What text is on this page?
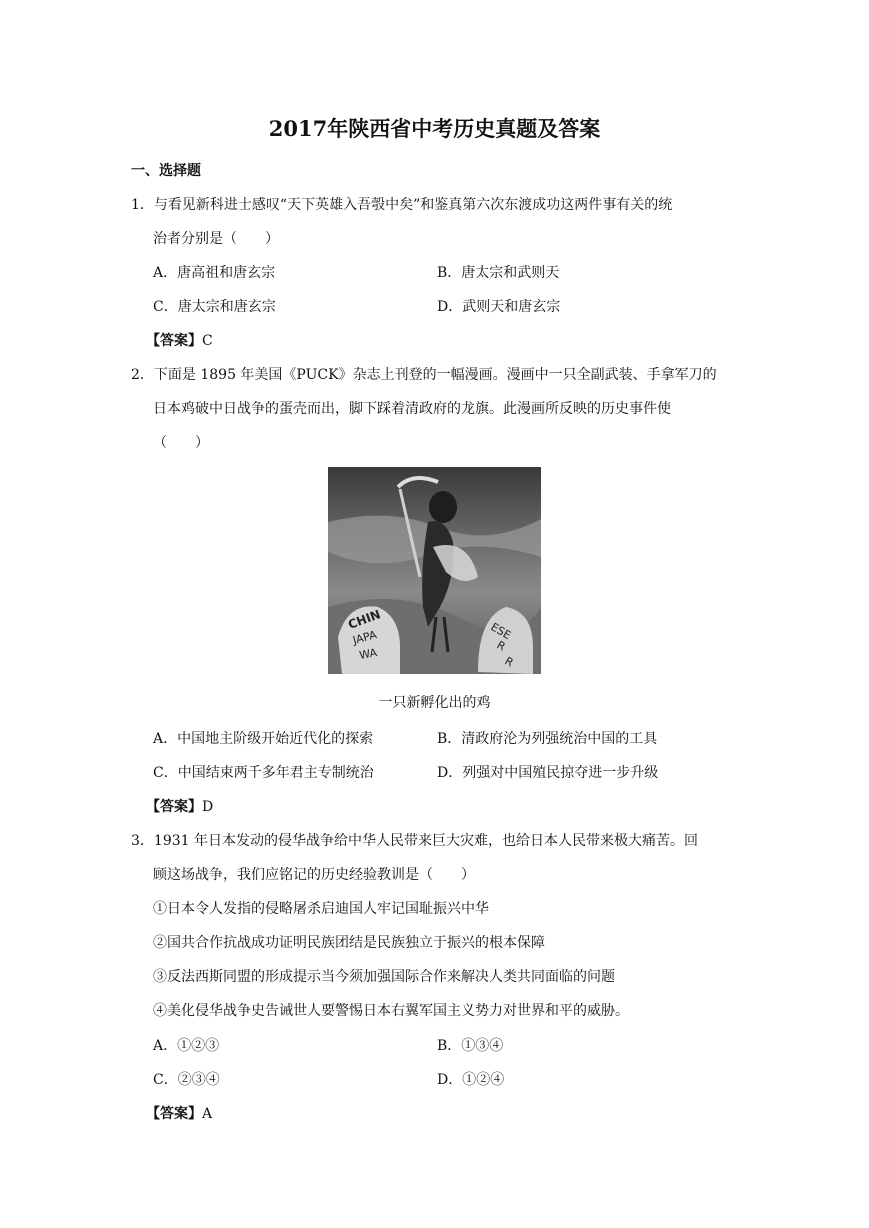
2017年陕西省中考历史真题及答案
一、选择题
1．与看见新科进士感叹“天下英雄入吾彀中矣”和鉴真第六次东渡成功这两件事有关的统
治者分别是（　　）
A．唐高祖和唐玄宗	B．唐太宗和武则天
C．唐太宗和唐玄宗	D．武则天和唐玄宗
【答案】C
2．下面是 1895 年美国《PUCK》杂志上刊登的一幅漫画。漫画中一只全副武装、手拿军刀的
日本鸡破中日战争的蛋壳而出，脚下踩着清政府的龙旗。此漫画所反映的历史事件使
（　　）
CHIN
JAPA
WA
ESE
R
R
一只新孵化出的鸡
A．中国地主阶级开始近代化的探索	B．清政府沦为列强统治中国的工具
C．中国结束两千多年君主专制统治	D．列强对中国殖民掠夺进一步升级
【答案】D
3．1931 年日本发动的侵华战争给中华人民带来巨大灾难，也给日本人民带来极大痛苦。回
顾这场战争，我们应铭记的历史经验教训是（　　）
①日本令人发指的侵略屠杀启迪国人牢记国耻振兴中华
②国共合作抗战成功证明民族团结是民族独立于振兴的根本保障
③反法西斯同盟的形成提示当今须加强国际合作来解决人类共同面临的问题
④美化侵华战争史告诫世人要警惕日本右翼军国主义势力对世界和平的威胁。
A．①②③	B．①③④
C．②③④	D．①②④
【答案】A
